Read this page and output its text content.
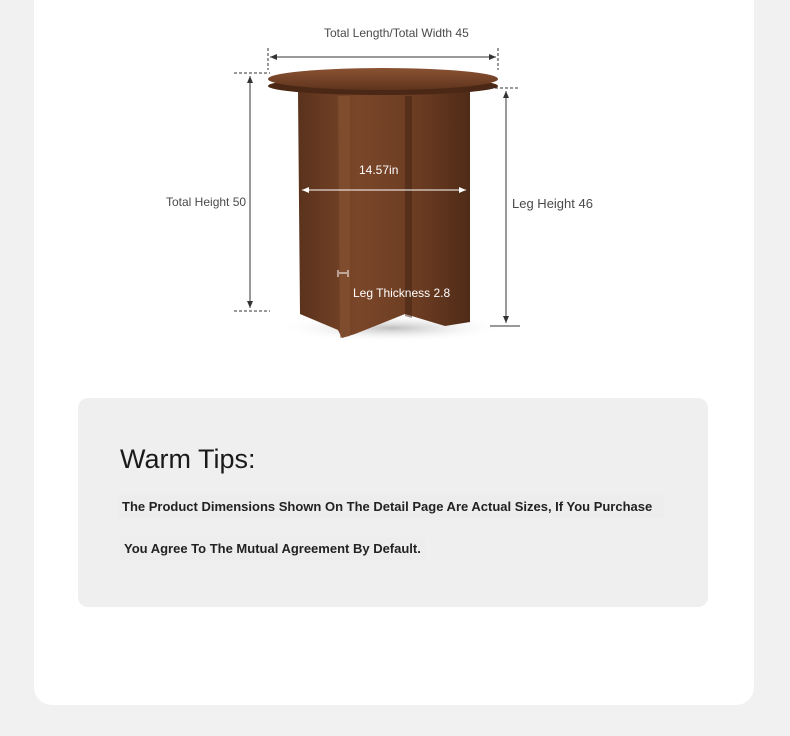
Total Length/Total Width 45
Total Height 50	Leg Height 46
14.57in
Leg Thickness 2.8
Warm Tips:
The Product Dimensions Shown On The Detail Page Are Actual Sizes, If You Purchase
You Agree To The Mutual Agreement By Default.
